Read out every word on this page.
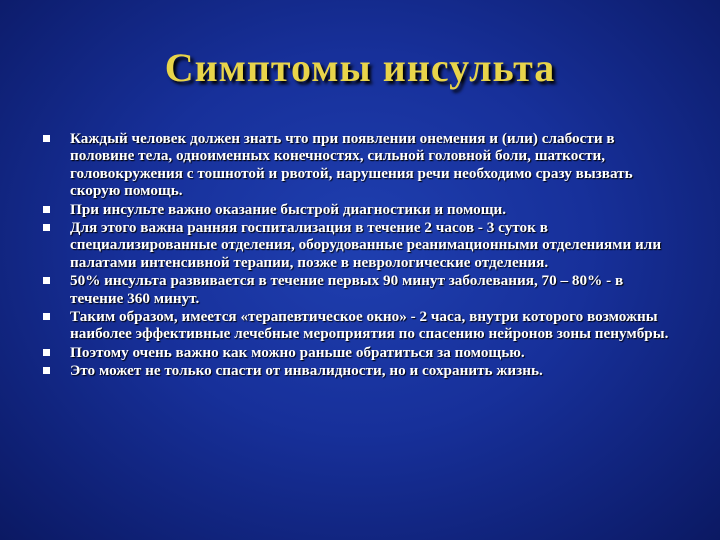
Симптомы инсульта
Каждый человек должен знать что при появлении онемения и (или) слабости в половине тела, одноименных конечностях, сильной головной боли, шаткости, головокружения с тошнотой и рвотой, нарушения речи необходимо сразу вызвать скорую помощь.
При инсульте важно оказание быстрой диагностики и помощи.
Для этого важна ранняя госпитализация в течение 2 часов - 3 суток в специализированные отделения, оборудованные реанимационными отделениями или палатами интенсивной терапии, позже в неврологические отделения.
50% инсульта развивается в течение первых 90 минут заболевания, 70 – 80% - в течение 360 минут.
Таким образом, имеется «терапевтическое окно» - 2 часа, внутри которого возможны наиболее эффективные лечебные мероприятия по спасению нейронов зоны пенумбры.
Поэтому очень важно как можно раньше обратиться за помощью.
Это может не только спасти от инвалидности, но и сохранить жизнь.
